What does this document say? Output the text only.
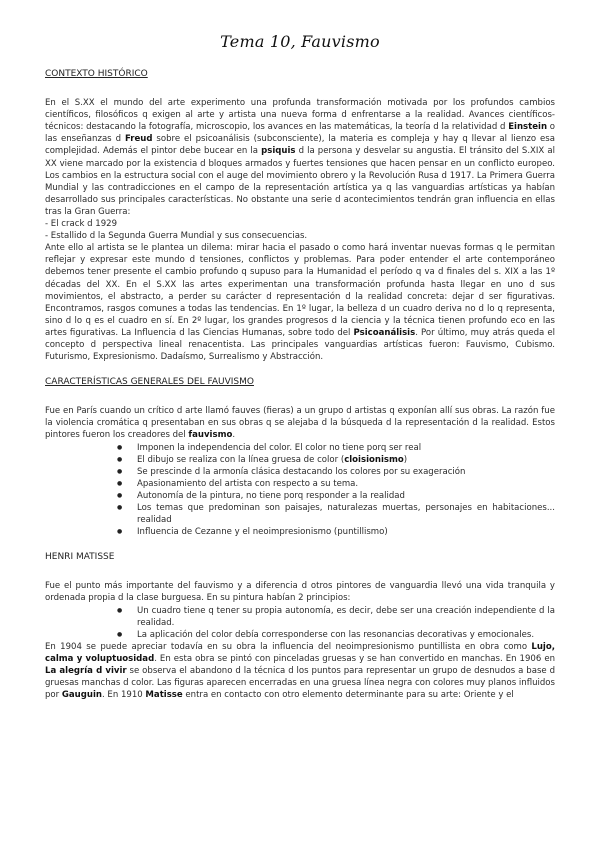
Tema 10, Fauvismo
CONTEXTO HISTÓRICO

En el S.XX el mundo del arte experimento una profunda transformación motivada por los profundos cambios científicos, filosóficos q exigen al arte y artista una nueva forma d enfrentarse a la realidad. Avances científicos-técnicos: destacando la fotografía, microscopio, los avances en las matemáticas, la teoría d la relatividad d Einstein o las enseñanzas d Freud sobre el psicoanálisis (subconsciente), la materia es compleja y hay q llevar al lienzo esa complejidad. Además el pintor debe bucear en la psiquis d la persona y desvelar su angustia. El tránsito del S.XIX al XX viene marcado por la existencia d bloques armados y fuertes tensiones que hacen pensar en un conflicto europeo. Los cambios en la estructura social con el auge del movimiento obrero y la Revolución Rusa d 1917. La Primera Guerra Mundial y las contradicciones en el campo de la representación artística ya q las vanguardias artísticas ya habían desarrollado sus principales características. No obstante una serie d acontecimientos tendrán gran influencia en ellas tras la Gran Guerra:

- El crack d 1929

- Estallido d la Segunda Guerra Mundial y sus consecuencias.

Ante ello al artista se le plantea un dilema: mirar hacia el pasado o como hará inventar nuevas formas q le permitan reflejar y expresar este mundo d tensiones, conflictos y problemas. Para poder entender el arte contemporáneo debemos tener presente el cambio profundo q supuso para la Humanidad el período q va d finales del s. XIX a las 1º décadas del XX. En el S.XX las artes experimentan una transformación profunda hasta llegar en uno d sus movimientos, el abstracto, a perder su carácter d representación d la realidad concreta: dejar d ser figurativas. Encontramos, rasgos comunes a todas las tendencias. En 1º lugar, la belleza d un cuadro deriva no d lo q representa, sino d lo q es el cuadro en sí. En 2º lugar, los grandes progresos d la ciencia y la técnica tienen profundo eco en las artes figurativas. La Influencia d las Ciencias Humanas, sobre todo del Psicoanálisis. Por último, muy atrás queda el concepto d perspectiva lineal renacentista. Las principales vanguardias artísticas fueron: Fauvismo, Cubismo. Futurismo, Expresionismo. Dadaísmo, Surrealismo y Abstracción.

CARACTERÍSTICAS GENERALES DEL FAUVISMO

Fue en París cuando un crítico d arte llamó fauves (fieras) a un grupo d artistas q exponían allí sus obras. La razón fue la violencia cromática q presentaban en sus obras q se alejaba d la búsqueda d la representación d la realidad. Estos pintores fueron los creadores del fauvismo.

● Imponen la independencia del color. El color no tiene porq ser real
● El dibujo se realiza con la línea gruesa de color (cloisionismo)
● Se prescinde d la armonía clásica destacando los colores por su exageración
● Apasionamiento del artista con respecto a su tema.
● Autonomía de la pintura, no tiene porq responder a la realidad
● Los temas que predominan son paisajes, naturalezas muertas, personajes en habitaciones... realidad
● Influencia de Cezanne y el neoimpresionismo (puntillismo)
HENRI MATISSE

Fue el punto más importante del fauvismo y a diferencia d otros pintores de vanguardia llevó una vida tranquila y ordenada propia d la clase burguesa. En su pintura habían 2 principios:

● Un cuadro tiene q tener su propia autonomía, es decir, debe ser una creación independiente d la realidad.
● La aplicación del color debía corresponderse con las resonancias decorativas y emocionales.

En 1904 se puede apreciar todavía en su obra la influencia del neoimpresionismo puntillista en obra como Lujo, calma y voluptuosidad. En esta obra se pintó con pinceladas gruesas y se han convertido en manchas. En 1906 en La alegría d vivir se observa el abandono d la técnica d los puntos para representar un grupo de desnudos a base d gruesas manchas d color. Las figuras aparecen encerradas en una gruesa línea negra con colores muy planos influidos por Gauguin. En 1910 Matisse entra en contacto con otro elemento determinante para su arte: Oriente y el
